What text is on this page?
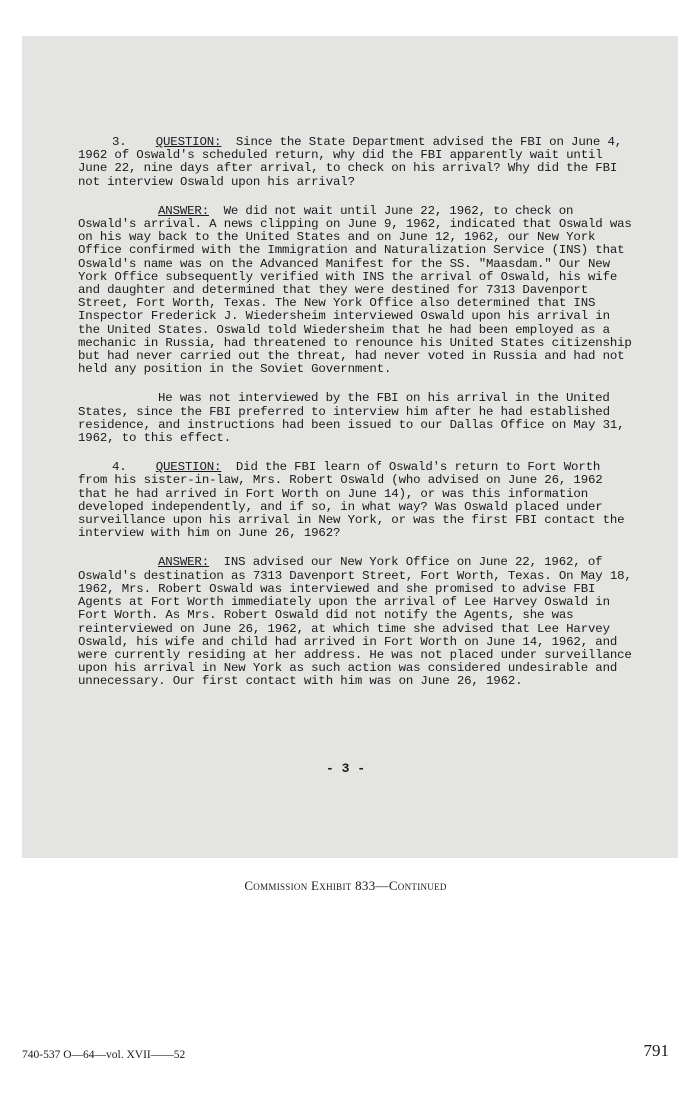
3. QUESTION: Since the State Department advised the FBI on June 4, 1962 of Oswald's scheduled return, why did the FBI apparently wait until June 22, nine days after arrival, to check on his arrival? Why did the FBI not interview Oswald upon his arrival?

ANSWER: We did not wait until June 22, 1962, to check on Oswald's arrival. A news clipping on June 9, 1962, indicated that Oswald was on his way back to the United States and on June 12, 1962, our New York Office confirmed with the Immigration and Naturalization Service (INS) that Oswald's name was on the Advanced Manifest for the SS. "Maasdam." Our New York Office subsequently verified with INS the arrival of Oswald, his wife and daughter and determined that they were destined for 7313 Davenport Street, Fort Worth, Texas. The New York Office also determined that INS Inspector Frederick J. Wiedersheim interviewed Oswald upon his arrival in the United States. Oswald told Wiedersheim that he had been employed as a mechanic in Russia, had threatened to renounce his United States citizenship but had never carried out the threat, had never voted in Russia and had not held any position in the Soviet Government.

He was not interviewed by the FBI on his arrival in the United States, since the FBI preferred to interview him after he had established residence, and instructions had been issued to our Dallas Office on May 31, 1962, to this effect.

4. QUESTION: Did the FBI learn of Oswald's return to Fort Worth from his sister-in-law, Mrs. Robert Oswald (who advised on June 26, 1962 that he had arrived in Fort Worth on June 14), or was this information developed independently, and if so, in what way? Was Oswald placed under surveillance upon his arrival in New York, or was the first FBI contact the interview with him on June 26, 1962?

ANSWER: INS advised our New York Office on June 22, 1962, of Oswald's destination as 7313 Davenport Street, Fort Worth, Texas. On May 18, 1962, Mrs. Robert Oswald was interviewed and she promised to advise FBI Agents at Fort Worth immediately upon the arrival of Lee Harvey Oswald in Fort Worth. As Mrs. Robert Oswald did not notify the Agents, she was reinterviewed on June 26, 1962, at which time she advised that Lee Harvey Oswald, his wife and child had arrived in Fort Worth on June 14, 1962, and were currently residing at her address. He was not placed under surveillance upon his arrival in New York as such action was considered undesirable and unnecessary. Our first contact with him was on June 26, 1962.

- 3 -
Commission Exhibit 833—Continued
740-537 O—64—vol. XVII——52	791
